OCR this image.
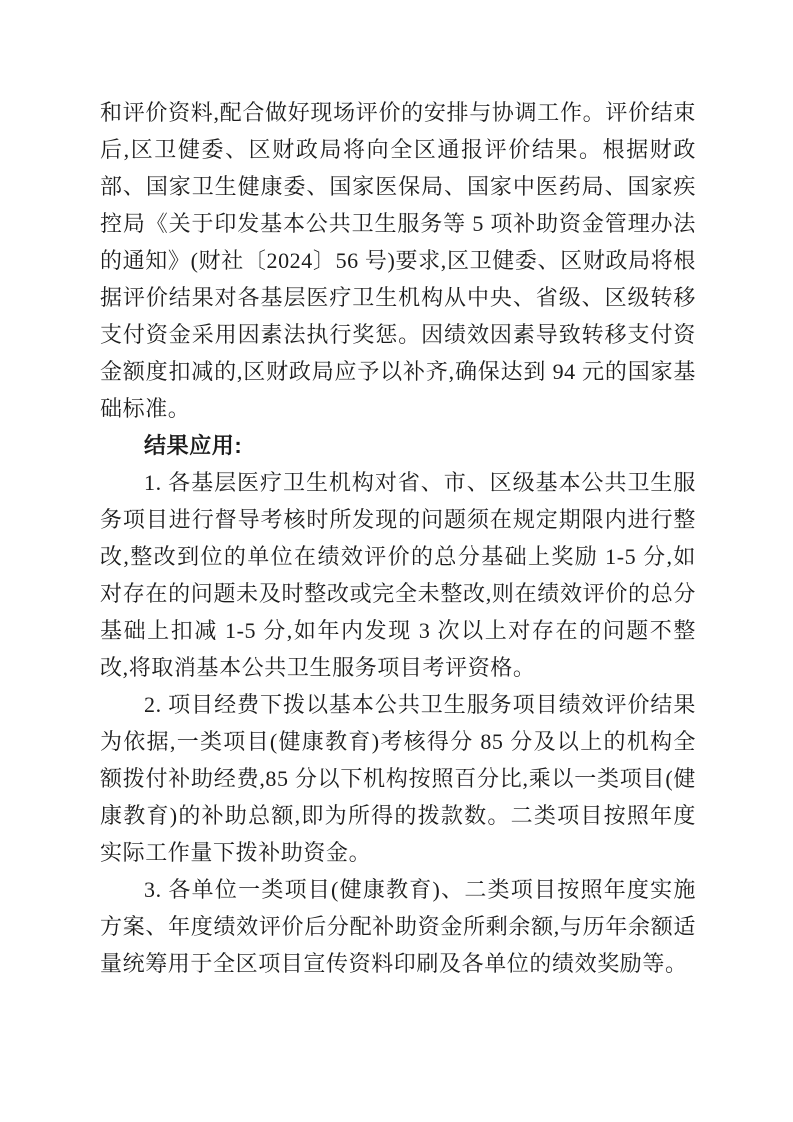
和评价资料,配合做好现场评价的安排与协调工作。评价结束后,区卫健委、区财政局将向全区通报评价结果。根据财政部、国家卫生健康委、国家医保局、国家中医药局、国家疾控局《关于印发基本公共卫生服务等 5 项补助资金管理办法的通知》(财社〔2024〕56 号)要求,区卫健委、区财政局将根据评价结果对各基层医疗卫生机构从中央、省级、区级转移支付资金采用因素法执行奖惩。因绩效因素导致转移支付资金额度扣减的,区财政局应予以补齐,确保达到 94 元的国家基础标准。

结果应用:

1. 各基层医疗卫生机构对省、市、区级基本公共卫生服务项目进行督导考核时所发现的问题须在规定期限内进行整改,整改到位的单位在绩效评价的总分基础上奖励 1-5 分,如对存在的问题未及时整改或完全未整改,则在绩效评价的总分基础上扣减 1-5 分,如年内发现 3 次以上对存在的问题不整改,将取消基本公共卫生服务项目考评资格。

2. 项目经费下拨以基本公共卫生服务项目绩效评价结果为依据,一类项目(健康教育)考核得分 85 分及以上的机构全额拨付补助经费,85 分以下机构按照百分比,乘以一类项目(健康教育)的补助总额,即为所得的拨款数。二类项目按照年度实际工作量下拨补助资金。

3. 各单位一类项目(健康教育)、二类项目按照年度实施方案、年度绩效评价后分配补助资金所剩余额,与历年余额适量统筹用于全区项目宣传资料印刷及各单位的绩效奖励等。
